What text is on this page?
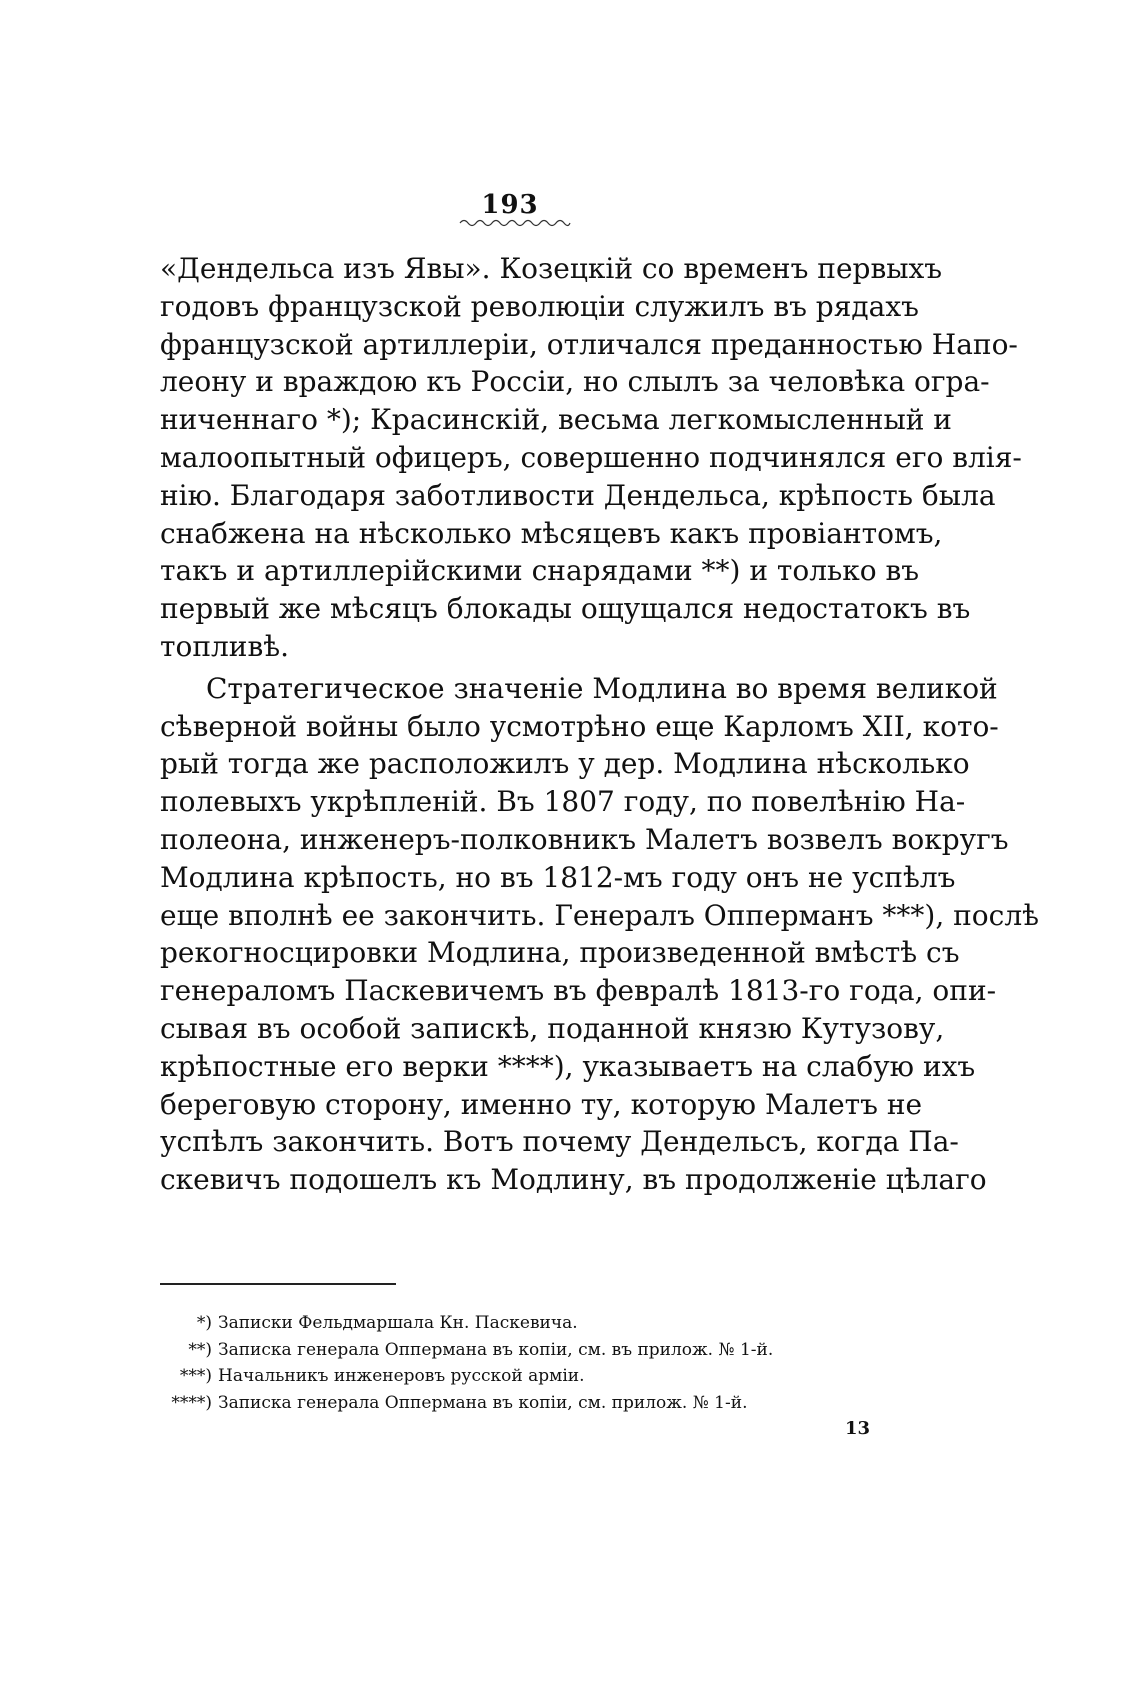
193
«Дендельса изъ Явы». Козецкій со временъ первыхъ
годовъ французской революціи служилъ въ рядахъ
французской артиллеріи, отличался преданностью Напо-
леону и враждою къ Россіи, но слылъ за человѣка огра-
ниченнаго *); Красинскій, весьма легкомысленный и
малоопытный офицеръ, совершенно подчинялся его влія-
нію. Благодаря заботливости Дендельса, крѣпость была
снабжена на нѣсколько мѣсяцевъ какъ провіантомъ,
такъ и артиллерійскими снарядами **) и только въ
первый же мѣсяцъ блокады ощущался недостатокъ въ
топливѣ.
Стратегическое значеніе Модлина во время великой
сѣверной войны было усмотрѣно еще Карломъ XII, кото-
рый тогда же расположилъ у дер. Модлина нѣсколько
полевыхъ укрѣпленій. Въ 1807 году, по повелѣнію На-
полеона, инженеръ-полковникъ Малетъ возвелъ вокругъ
Модлина крѣпость, но въ 1812-мъ году онъ не успѣлъ
еще вполнѣ ее закончить. Генералъ Опперманъ ***), послѣ
рекогносцировки Модлина, произведенной вмѣстѣ съ
генераломъ Паскевичемъ въ февралѣ 1813-го года, опи-
сывая въ особой запискѣ, поданной князю Кутузову,
крѣпостные его верки ****), указываетъ на слабую ихъ
береговую сторону, именно ту, которую Малетъ не
успѣлъ закончить. Вотъ почему Дендельсъ, когда Па-
скевичъ подошелъ къ Модлину, въ продолженіе цѣлаго
*) Записки Фельдмаршала Кн. Паскевича.
**) Записка генерала Оппермана въ копіи, см. въ прилож. № 1-й.
***) Начальникъ инженеровъ русской арміи.
****) Записка генерала Оппермана въ копіи, см. прилож. № 1-й.
13
